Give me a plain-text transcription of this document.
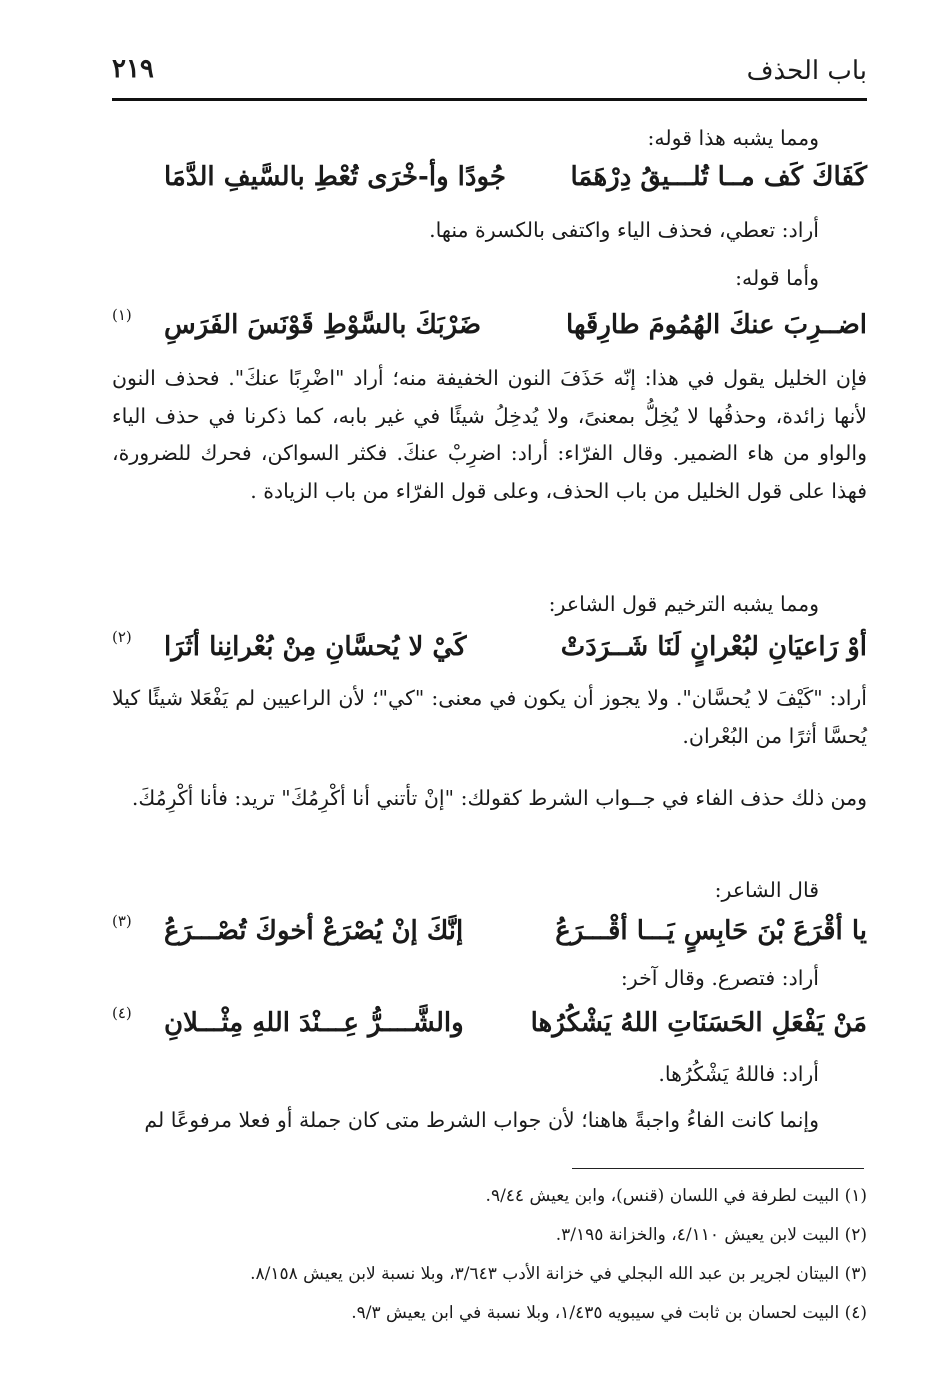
باب الحذف
٢١٩
ومما يشبه هذا قوله:
كَفَاكَ كَف مــا تُلـــيقُ دِرْهَمَا
جُودًا وأ-خْرَى تُعْطِ بالسَّيفِ الدَّمَا
أراد: تعطي، فحذف الياء واكتفى بالكسرة منها.
وأما قوله:
اضــرِبَ عنكَ الهُمُومَ طارِقَها
ضَرْبَكَ بالسَّوْطِ قَوْنَسَ الفَرَسِ
(١)
فإن الخليل يقول في هذا: إنّه حَذَفَ النون الخفيفة منه؛ أراد "اضْرِبًا عنكَ". فحذف النون لأنها زائدة، وحذفُها لا يُخِلُّ بمعنىً، ولا يُدخِلُ شيئًا في غير بابه، كما ذكرنا في حذف الياء والواو من هاء الضمير. وقال الفرّاء: أراد: اضرِبْ عنكَ. فكثر السواكن، فحرك للضرورة، فهذا على قول الخليل من باب الحذف، وعلى قول الفرّاء من باب الزيادة .
ومما يشبه الترخيم قول الشاعر:
أوْ رَاعيَانِ لبُعْرانٍ لَنَا شَــرَدَتْ
كَيْ لا يُحسَّانِ مِنْ بُعْرانِنا أثَرَا
(٢)
أراد: "كَيْفَ لا يُحسَّان". ولا يجوز أن يكون في معنى: "كي"؛ لأن الراعيين لم يَفْعَلا شيئًا كيلا يُحسَّا أثرًا من البُعْران.
ومن ذلك حذف الفاء في جــواب الشرط كقولك: "إنْ تأتني أنا أكْرِمُكَ" تريد: فأنا أكْرِمُكَ.
قال الشاعر:
يا أقْرَعَ بْنَ حَابِسٍ يَـــا أقْـــرَعُ
إنَّكَ إنْ يُصْرَعْ أخوكَ تُصْـــرَعُ
(٣)
أراد: فتصرع. وقال آخر:
مَنْ يَفْعَلِ الحَسَنَاتِ اللهُ يَشْكُرُها
والشَّــــرُّ عِـــنْدَ اللهِ مِثْـــلانِ
(٤)
أراد: فاللهُ يَشْكُرُها.
وإنما كانت الفاءُ واجبةً هاهنا؛ لأن جواب الشرط متى كان جملة أو فعلا مرفوعًا لم
(١) البيت لطرفة في اللسان (قنس)، وابن يعيش ٩/٤٤.
(٢) البيت لابن يعيش ٤/١١٠، والخزانة ٣/١٩٥.
(٣) البيتان لجرير بن عبد الله البجلي في خزانة الأدب ٣/٦٤٣، وبلا نسبة لابن يعيش ٨/١٥٨.
(٤) البيت لحسان بن ثابت في سيبويه ١/٤٣٥، وبلا نسبة في ابن يعيش ٩/٣.
